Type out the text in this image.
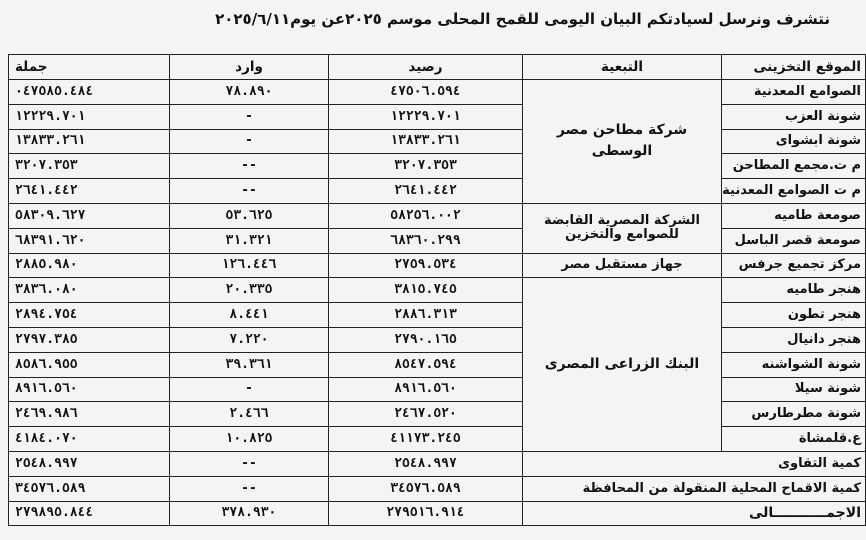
نتشرف ونرسل لسيادتكم البيان اليومى للقمح المحلى موسم ٢٠٢٥عن يوم٢٠٢٥/٦/١١
الموقع التخزينى	التبعية	رصيد	وارد	جملة
الصوامع المعدنية	شركة مطاحن مصر الوسطى	٤٧٥٠٦.٥٩٤	٧٨.٨٩٠	٠٤٧٥٨٥.٤٨٤
شونة العزب		١٢٢٢٩.٧٠١	-	١٢٢٢٩.٧٠١
شونة ابشواى		١٣٨٣٣.٢٦١	-	١٣٨٣٣.٢٦١
م ت.مجمع المطاحن		٣٢٠٧.٣٥٣	--	٣٢٠٧.٣٥٣
م ت الصوامع المعدنية		٢٦٤١.٤٤٢	--	٢٦٤١.٤٤٢
صومعة طاميه	الشركة المصرية القابضة للصوامع والتخزين	٥٨٢٥٦.٠٠٢	٥٣.٦٢٥	٥٨٣٠٩.٦٢٧
صومعة قصر الباسل		٦٨٣٦٠.٢٩٩	٣١.٣٢١	٦٨٣٩١.٦٢٠
مركز تجميع جرفس	جهاز مستقبل مصر	٢٧٥٩.٥٣٤	١٢٦.٤٤٦	٢٨٨٥.٩٨٠
هنجر طاميه	البنك الزراعى المصرى	٣٨١٥.٧٤٥	٢٠.٣٣٥	٣٨٣٦.٠٨٠
هنجر تطون		٢٨٨٦.٣١٣	٨.٤٤١	٢٨٩٤.٧٥٤
هنجر دانيال		٢٧٩٠.١٦٥	٧.٢٢٠	٢٧٩٧.٣٨٥
شونة الشواشنه		٨٥٤٧.٥٩٤	٣٩.٣٦١	٨٥٨٦.٩٥٥
شونة سيلا		٨٩١٦.٥٦٠	-	٨٩١٦.٥٦٠
شونة مطرطارس		٢٤٦٧.٥٢٠	٢.٤٦٦	٢٤٦٩.٩٨٦
ع.قلمشاة		٤١١٧٣.٢٤٥	١٠.٨٢٥	٤١٨٤.٠٧٠
كمية التقاوى		٢٥٤٨.٩٩٧	--	٢٥٤٨.٩٩٧
كمية الاقماح المحلية المنقولة من المحافظة		٣٤٥٧٦.٥٨٩	--	٣٤٥٧٦.٥٨٩
الاجمـــــــــــالى		٢٧٩٥١٦.٩١٤	٣٧٨.٩٣٠	٢٧٩٨٩٥.٨٤٤
